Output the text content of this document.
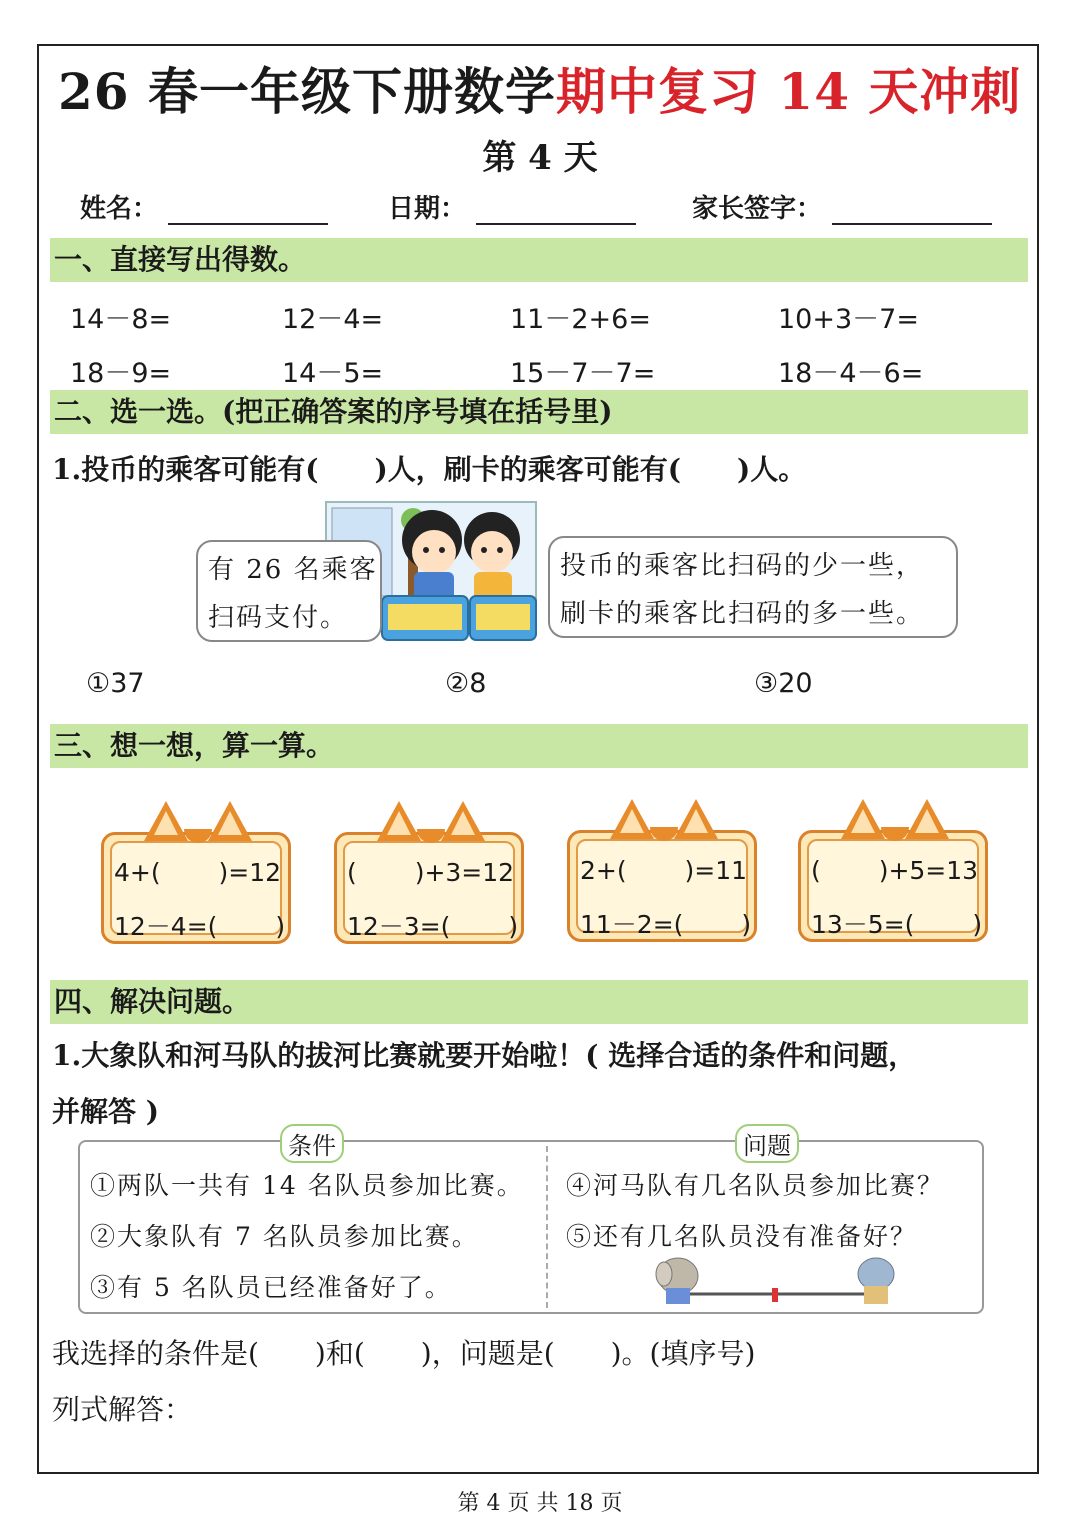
26 春一年级下册数学期中复习 14 天冲刺
第 4 天
姓名：	日期：	家长签字：
一、直接写出得数。
14－8=	12－4=	11－2+6=	10+3－7=
18－9=	14－5=	15－7－7=	18－4－6=
二、选一选。(把正确答案的序号填在括号里)
1.投币的乘客可能有(　　)人，刷卡的乘客可能有(　　)人。
有 26 名乘客
扫码支付。
投币的乘客比扫码的少一些，
刷卡的乘客比扫码的多一些。
①37	②8	③20
三、想一想，算一算。
4+(　　 )=12
12－4=(　　 )
(　　 )+3=12
12－3=(　　 )
2+(　　 )=11
11－2=(　　 )
(　　 )+5=13
13－5=(　　 )
四、解决问题。
1.大象队和河马队的拔河比赛就要开始啦！( 选择合适的条件和问题，
并解答 )
条件	问题
①两队一共有 14 名队员参加比赛。
②大象队有 7 名队员参加比赛。
③有 5 名队员已经准备好了。
④河马队有几名队员参加比赛？
⑤还有几名队员没有准备好？
我选择的条件是(　　)和(　　)，问题是(　　)。(填序号)
列式解答：
第 4 页 共 18 页
